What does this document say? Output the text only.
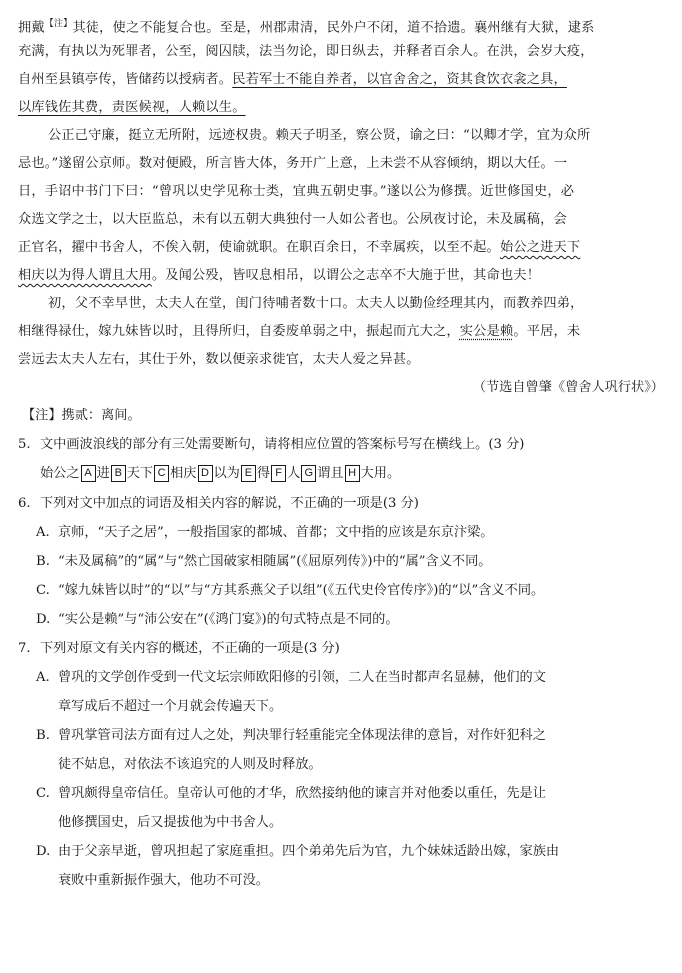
拥戴$^{【注】}$其徒，使之不能复合也。至是，州郡肃清，民外户不闭，道不拾遗。襄州继有大狱，逮系
充满，有执以为死罪者，公至，阅囚牍，法当勿论，即日纵去，并释者百余人。在洪，会岁大疫，
自州至县镇亭传，皆储药以授病者。民若军士不能自养者，以官舍舍之，资其食饮衣衾之具，
以库钱佐其费，责医候视，人赖以生。
公正己守廉，挺立无所附，远迹权贵。赖天子明圣，察公贤，谕之曰：“以卿才学，宜为众所
忌也。”遂留公京师。数对便殿，所言皆大体，务开广上意，上未尝不从容倾纳，期以大任。一
日，手诏中书门下曰：“曾巩以史学见称士类，宜典五朝史事。”遂以公为修撰。近世修国史，必
众选文学之士，以大臣监总，未有以五朝大典独付一人如公者也。公夙夜讨论，未及属稿，会
正官名，擢中书舍人，不俟入朝，使谕就职。在职百余日，不幸属疾，以至不起。始公之进天下
相庆以为得人谓且大用。及闻公殁，皆叹息相吊，以谓公之志卒不大施于世，其命也夫！
初，父不幸早世，太夫人在堂，闺门待哺者数十口。太夫人以勤俭经理其内，而教养四弟，
相继得禄仕，嫁九妹皆以时，且得所归，自委废单弱之中，振起而亢大之，实公是赖。平居，未
尝远去太夫人左右，其仕于外，数以便亲求徙官，太夫人爱之异甚。
（节选自曾肇《曾舍人巩行状》）
【注】携贰：离间。
5. 文中画波浪线的部分有三处需要断句，请将相应位置的答案标号写在横线上。(3 分)
始公之 A 进 B 天下 C 相庆 D 以为 E 得 F 人 G 谓且 H 大用。
6. 下列对文中加点的词语及相关内容的解说，不正确的一项是(3 分)
A. 京师，“天子之居”，一般指国家的都城、首都；文中指的应该是东京汴梁。
B. “未及属稿”的“属”与“然亡国破家相随属”(《屈原列传》)中的“属”含义不同。
C. “嫁九妹皆以时”的“以”与“方其系燕父子以组”(《五代史伶官传序》)的“以”含义不同。
D. “实公是赖”与“沛公安在”(《鸿门宴》)的句式特点是不同的。
7. 下列对原文有关内容的概述，不正确的一项是(3 分)
A. 曾巩的文学创作受到一代文坛宗师欧阳修的引领，二人在当时都声名显赫，他们的文
章写成后不超过一个月就会传遍天下。
B. 曾巩掌管司法方面有过人之处，判决罪行轻重能完全体现法律的意旨，对作奸犯科之
徒不姑息，对依法不该追究的人则及时释放。
C. 曾巩颇得皇帝信任。皇帝认可他的才华，欣然接纳他的谏言并对他委以重任，先是让
他修撰国史，后又提拔他为中书舍人。
D. 由于父亲早逝，曾巩担起了家庭重担。四个弟弟先后为官，九个妹妹适龄出嫁，家族由
衰败中重新振作强大，他功不可没。
